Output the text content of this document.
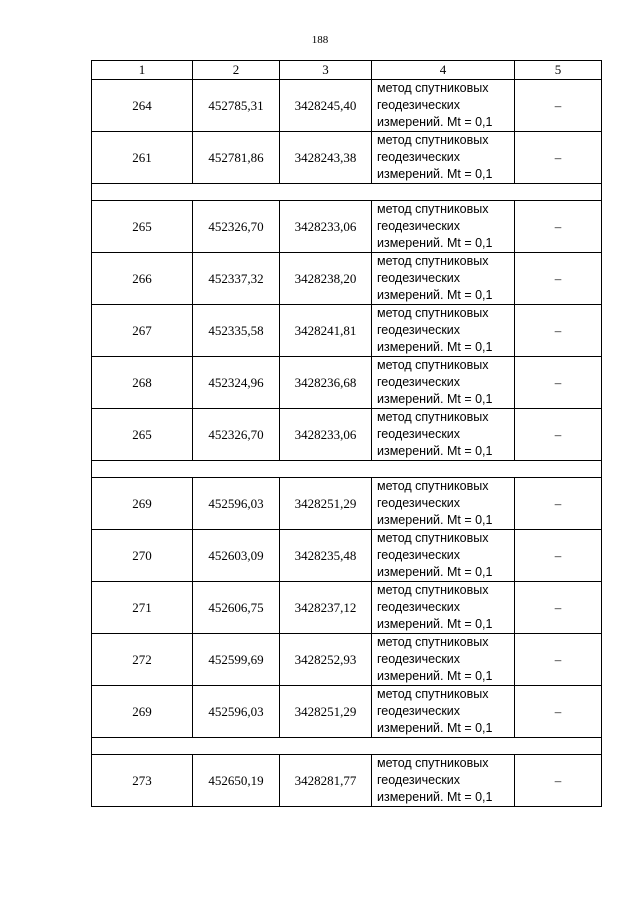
188
1	2	3	4	5
264	452785,31	3428245,40	метод спутниковых
геодезических
измерений. Mt = 0,1	–
261	452781,86	3428243,38	метод спутниковых
геодезических
измерений. Mt = 0,1	–

265	452326,70	3428233,06	метод спутниковых
геодезических
измерений. Mt = 0,1	–
266	452337,32	3428238,20	метод спутниковых
геодезических
измерений. Mt = 0,1	–
267	452335,58	3428241,81	метод спутниковых
геодезических
измерений. Mt = 0,1	–
268	452324,96	3428236,68	метод спутниковых
геодезических
измерений. Mt = 0,1	–
265	452326,70	3428233,06	метод спутниковых
геодезических
измерений. Mt = 0,1	–

269	452596,03	3428251,29	метод спутниковых
геодезических
измерений. Mt = 0,1	–
270	452603,09	3428235,48	метод спутниковых
геодезических
измерений. Mt = 0,1	–
271	452606,75	3428237,12	метод спутниковых
геодезических
измерений. Mt = 0,1	–
272	452599,69	3428252,93	метод спутниковых
геодезических
измерений. Mt = 0,1	–
269	452596,03	3428251,29	метод спутниковых
геодезических
измерений. Mt = 0,1	–

273	452650,19	3428281,77	метод спутниковых
геодезических
измерений. Mt = 0,1	–
